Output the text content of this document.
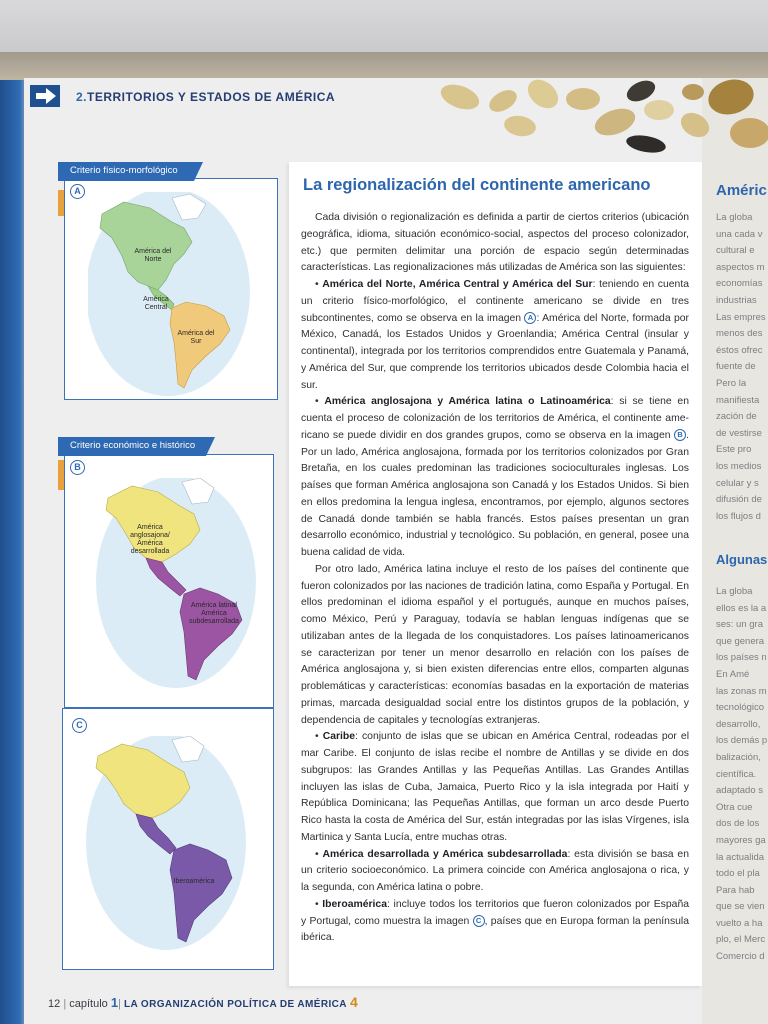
Améric
La globa
una cada v
cultural e
aspectos m
economías
industrias
Las empres
menos des
éstos ofrec
fuente de
Pero la
manifiesta
zación de
de vestirse
Este pro
los medios
celular y s
difusión de
los flujos d
Algunas
La globa
ellos es la a
ses: un gra
que genera
los países n
En Amé
las zonas m
tecnológico
desarrollo,
los demás p
balización,
científica.
adaptado s
Otra cue
dos de los
mayores ga
la actualida
todo el pla
Para hab
que se vien
vuelto a ha
plo, el Merc
Comercio d
2.TERRITORIOS Y ESTADOS DE AMÉRICA
Criterio físico-morfológico
A
América del Norte
América Central
América del Sur
Criterio económico e histórico
B
América anglosajona/ América desarrollada
América latina/ América subdesarrollada
C
Iberoamérica
La regionalización del continente americano

Cada división o regionalización es definida a partir de ciertos criterios (ubicación geográfica, idioma, situación económico-social, aspectos del proceso colonizador, etc.) que permiten delimitar una porción de espacio según determinadas características. Las regionalizaciones más utilizadas de América son las siguientes:

• América del Norte, América Central y América del Sur: teniendo en cuenta un criterio físico-morfológico, el continente americano se divide en tres subcontinentes, como se observa en la imagen A : América del Norte, formada por México, Canadá, los Estados Unidos y Groenlandia; América Central (insular y continental), integrada por los territorios comprendidos entre Guatemala y Panamá, y América del Sur, que comprende los territorios ubicados desde Colombia hacia el sur.

• América anglosajona y América latina o Latinoamérica: si se tiene en cuenta el proceso de colonización de los territorios de América, el continente americano se puede dividir en dos grandes grupos, como se observa en la imagen B . Por un lado, América anglosajona, formada por los territorios colonizados por Gran Bretaña, en los cuales predominan las tradiciones socioculturales inglesas. Los países que forman América anglosajona son Canadá y los Estados Unidos. Si bien en ellos predomina la lengua inglesa, encontramos, por ejemplo, algunos sectores de Canadá donde también se habla francés. Estos países presentan un gran desarrollo económico, industrial y tecnológico. Su población, en general, posee una buena calidad de vida.

Por otro lado, América latina incluye el resto de los países del continente que fueron colonizados por las naciones de tradición latina, como España y Portugal. En ellos predominan el idioma español y el portugués, aunque en muchos países, como México, Perú y Paraguay, todavía se hablan lenguas indígenas que se utilizaban antes de la llegada de los conquistadores. Los países latinoamericanos se caracterizan por tener un menor desarrollo en relación con los países de América anglosajona y, si bien existen diferencias entre ellos, comparten algunas problemáticas y características: economías basadas en la exportación de materias primas, marcada desigualdad social entre los distintos grupos de la población, y dependencia de capitales y tecnologías extranjeras.

• Caribe: conjunto de islas que se ubican en América Central, rodeadas por el mar Caribe. El conjunto de islas recibe el nombre de Antillas y se divide en dos subgrupos: las Grandes Antillas y las Pequeñas Antillas. Las Grandes Antillas incluyen las islas de Cuba, Jamaica, Puerto Rico y la isla integrada por Haití y República Dominicana; las Pequeñas Antillas, que forman un arco desde Puerto Rico hasta la costa de América del Sur, están integradas por las islas Vírgenes, isla Martinica y Santa Lucía, entre muchas otras.

• América desarrollada y América subdesarrollada: esta división se basa en un criterio socioeconómico. La primera coincide con América anglosajona o rica, y la segunda, con América latina o pobre.

• Iberoamérica: incluye todos los territorios que fueron colonizados por España y Portugal, como muestra la imagen C , países que en Europa forman la península ibérica.

12 | capítulo 1| LA ORGANIZACIÓN POLÍTICA DE AMÉRICA 4
